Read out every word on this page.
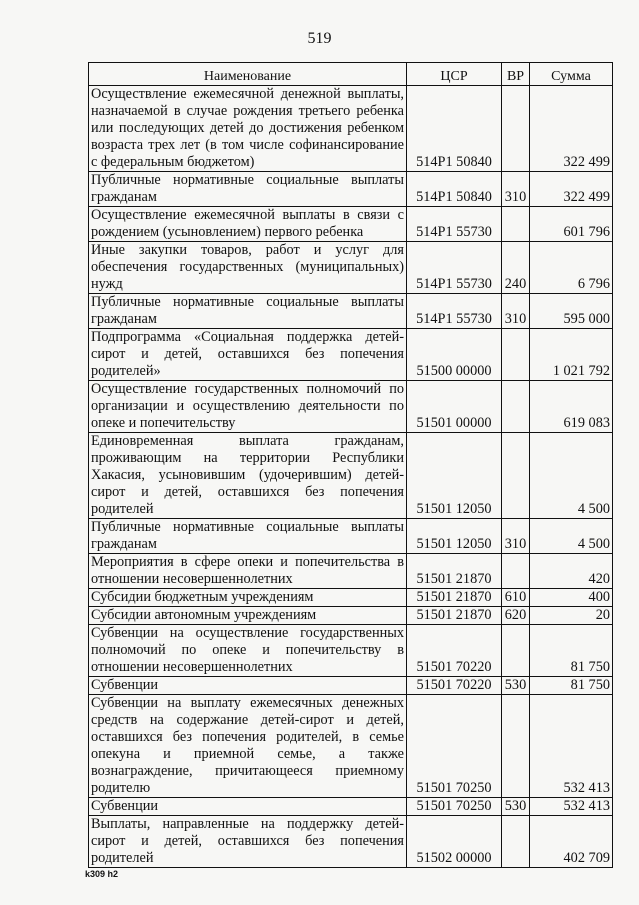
519
Наименование	ЦСР	ВР	Сумма
Осуществление ежемесячной денежной выплаты, назначаемой в случае рождения третьего ребенка или последующих детей до достижения ребенком возраста трех лет (в том числе софинансирование с федеральным бюджетом)	514P1 50840		322 499
Публичные нормативные социальные выплаты гражданам	514P1 50840	310	322 499
Осуществление ежемесячной выплаты в связи с рождением (усыновлением) первого ребенка	514P1 55730		601 796
Иные закупки товаров, работ и услуг для обеспечения государственных (муниципальных) нужд	514P1 55730	240	6 796
Публичные нормативные социальные выплаты гражданам	514P1 55730	310	595 000
Подпрограмма «Социальная поддержка детей-сирот и детей, оставшихся без попечения родителей»	51500 00000		1 021 792
Осуществление государственных полномочий по организации и осуществлению деятельности по опеке и попечительству	51501 00000		619 083
Единовременная выплата гражданам, проживающим на территории Республики Хакасия, усыновившим (удочерившим) детей-сирот и детей, оставшихся без попечения родителей	51501 12050		4 500
Публичные нормативные социальные выплаты гражданам	51501 12050	310	4 500
Мероприятия в сфере опеки и попечительства в отношении несовершеннолетних	51501 21870		420
Субсидии бюджетным учреждениям	51501 21870	610	400
Субсидии автономным учреждениям	51501 21870	620	20
Субвенции на осуществление государственных полномочий по опеке и попечительству в отношении несовершеннолетних	51501 70220		81 750
Субвенции	51501 70220	530	81 750
Субвенции на выплату ежемесячных денежных средств на содержание детей-сирот и детей, оставшихся без попечения родителей, в семье опекуна и приемной семье, а также вознаграждение, причитающееся приемному родителю	51501 70250		532 413
Субвенции	51501 70250	530	532 413
Выплаты, направленные на поддержку детей-сирот и детей, оставшихся без попечения родителей	51502 00000		402 709
k309 h2
